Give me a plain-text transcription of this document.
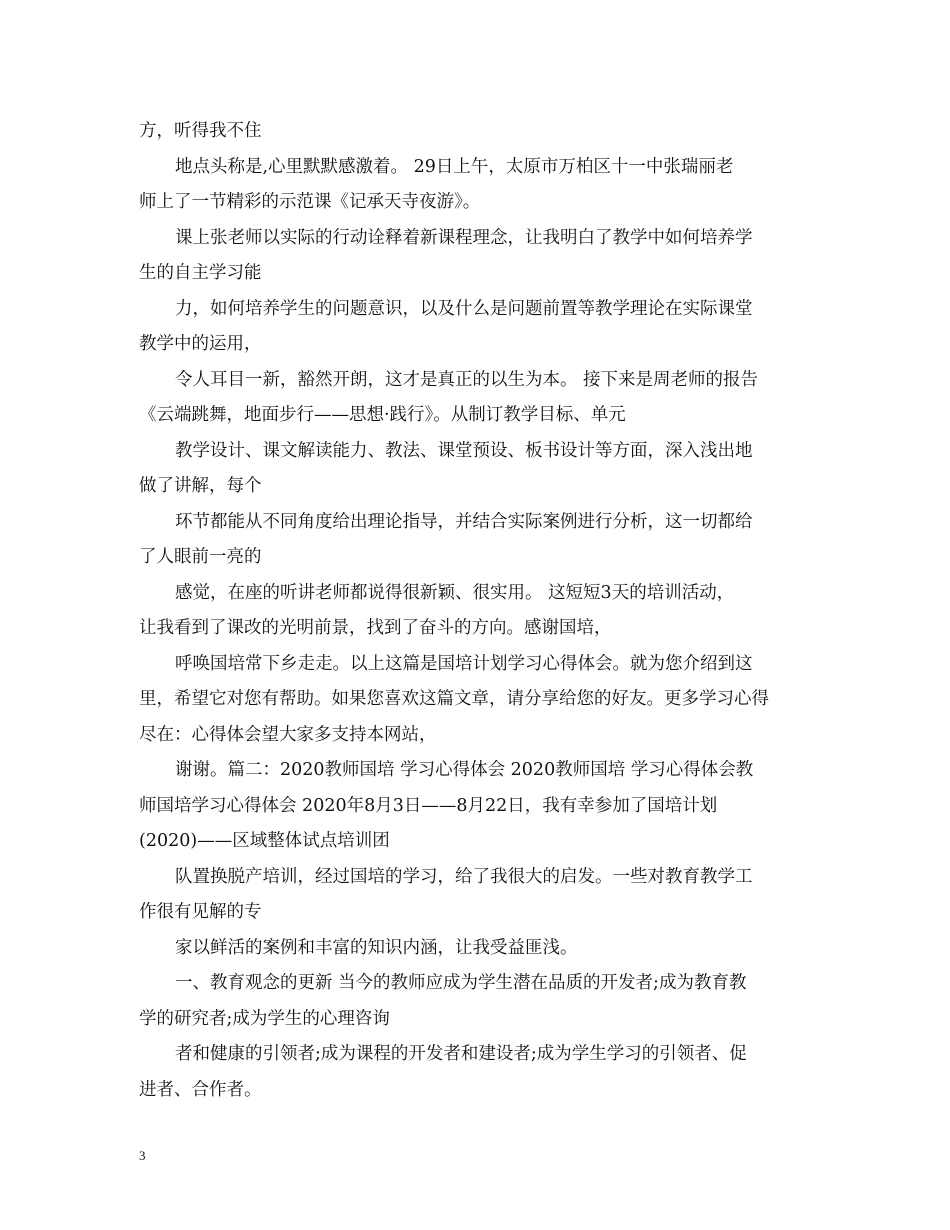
方，听得我不住
地点头称是,心里默默感激着。 29日上午，太原市万柏区十一中张瑞丽老
师上了一节精彩的示范课《记承天寺夜游》。
课上张老师以实际的行动诠释着新课程理念，让我明白了教学中如何培养学
生的自主学习能
力，如何培养学生的问题意识，以及什么是问题前置等教学理论在实际课堂
教学中的运用，
令人耳目一新，豁然开朗，这才是真正的以生为本。 接下来是周老师的报告
《云端跳舞，地面步行——思想·践行》。从制订教学目标、单元
教学设计、课文解读能力、教法、课堂预设、板书设计等方面，深入浅出地
做了讲解，每个
环节都能从不同角度给出理论指导，并结合实际案例进行分析，这一切都给
了人眼前一亮的
感觉，在座的听讲老师都说得很新颖、很实用。 这短短3天的培训活动，
让我看到了课改的光明前景，找到了奋斗的方向。感谢国培，
呼唤国培常下乡走走。以上这篇是国培计划学习心得体会。就为您介绍到这
里，希望它对您有帮助。如果您喜欢这篇文章，请分享给您的好友。更多学习心得
尽在：心得体会望大家多支持本网站，
谢谢。篇二：2020教师国培 学习心得体会 2020教师国培 学习心得体会教
师国培学习心得体会 2020年8月3日——8月22日，我有幸参加了国培计划
(2020)——区域整体试点培训团
队置换脱产培训，经过国培的学习，给了我很大的启发。一些对教育教学工
作很有见解的专
家以鲜活的案例和丰富的知识内涵，让我受益匪浅。
一、教育观念的更新 当今的教师应成为学生潜在品质的开发者;成为教育教
学的研究者;成为学生的心理咨询
者和健康的引领者;成为课程的开发者和建设者;成为学生学习的引领者、促
进者、合作者。
3
